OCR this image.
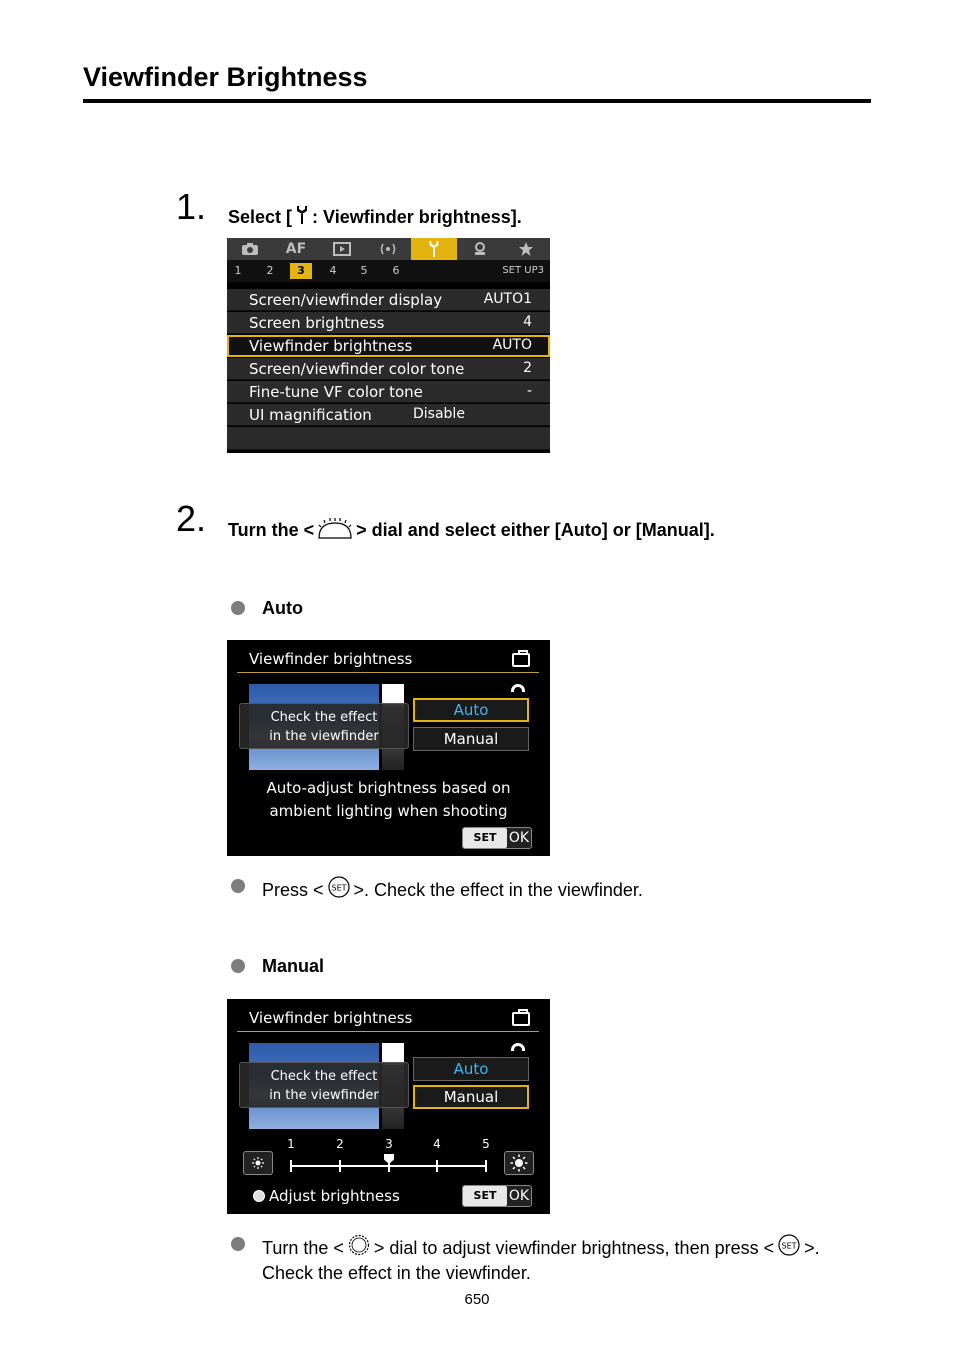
Viewfinder Brightness
1. Select [ : Viewfinder brightness].
AF
1	2	3	4	5	6	SET UP3
Screen/viewfinder display	AUTO1
Screen brightness	4
Viewfinder brightness	AUTO
Screen/viewfinder color tone	2
Fine-tune VF color tone	-
UI magnification	Disable
2. Turn the < > dial and select either [Auto] or [Manual].
Auto
Viewfinder brightness
Check the effect
in the viewfinder
Auto
Manual
Auto-adjust brightness based on
ambient lighting when shooting
SET OK
Press < SET >. Check the effect in the viewfinder.
Manual
Viewfinder brightness
Check the effect
in the viewfinder
Auto
Manual
1	2	3	4	5
Adjust brightness	SET OK
Turn the < > dial to adjust viewfinder brightness, then press < SET >.
Check the effect in the viewfinder.
650
